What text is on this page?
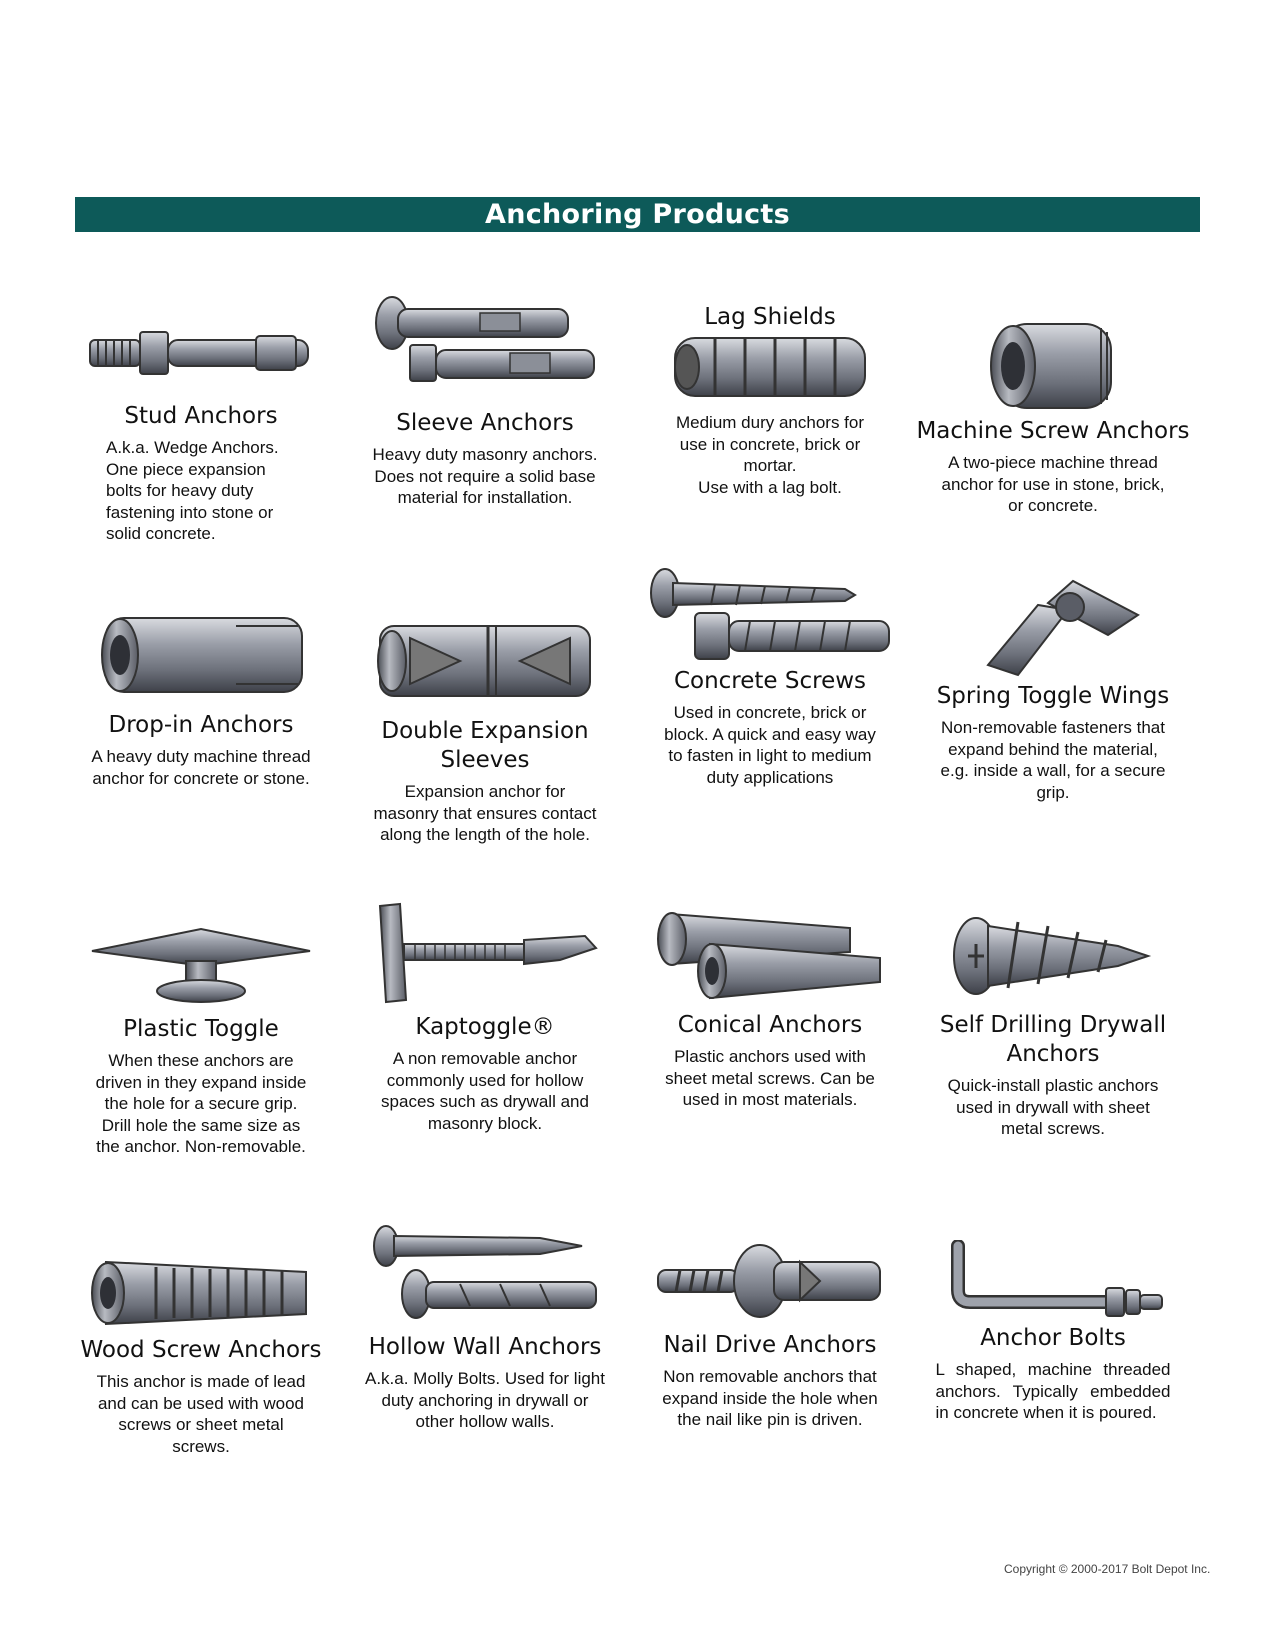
Anchoring Products
Stud Anchors
A.k.a. Wedge Anchors. One piece expansion bolts for heavy duty fastening into stone or solid concrete.
Sleeve Anchors
Heavy duty masonry anchors. Does not require a solid base material for installation.
Lag Shields
Medium dury anchors for use in concrete, brick or mortar.
Use with a lag bolt.
Machine Screw Anchors
A two-piece machine thread anchor for use in stone, brick, or concrete.
Drop-in Anchors
A heavy duty machine thread anchor for concrete or stone.
Double Expansion Sleeves
Expansion anchor for masonry that ensures contact along the length of the hole.
Concrete Screws
Used in concrete, brick or block. A quick and easy way to fasten in light to medium duty applications
Spring Toggle Wings
Non-removable fasteners that expand behind the material, e.g. inside a wall, for a secure grip.
Plastic Toggle
When these anchors are driven in they expand inside the hole for a secure grip. Drill hole the same size as the anchor. Non-removable.
Kaptoggle®
A non removable anchor commonly used for hollow spaces such as drywall and masonry block.
Conical Anchors
Plastic anchors used with sheet metal screws. Can be used in most materials.
Self Drilling Drywall Anchors
Quick-install plastic anchors used in drywall with sheet metal screws.
Wood Screw Anchors
This anchor is made of lead and can be used with wood screws or sheet metal screws.
Hollow Wall Anchors
A.k.a. Molly Bolts. Used for light duty anchoring in drywall or other hollow walls.
Nail Drive Anchors
Non removable anchors that expand inside the hole when the nail like pin is driven.
Anchor Bolts
L shaped, machine threaded anchors. Typically embedded in concrete when it is poured.
Copyright © 2000-2017 Bolt Depot Inc.
